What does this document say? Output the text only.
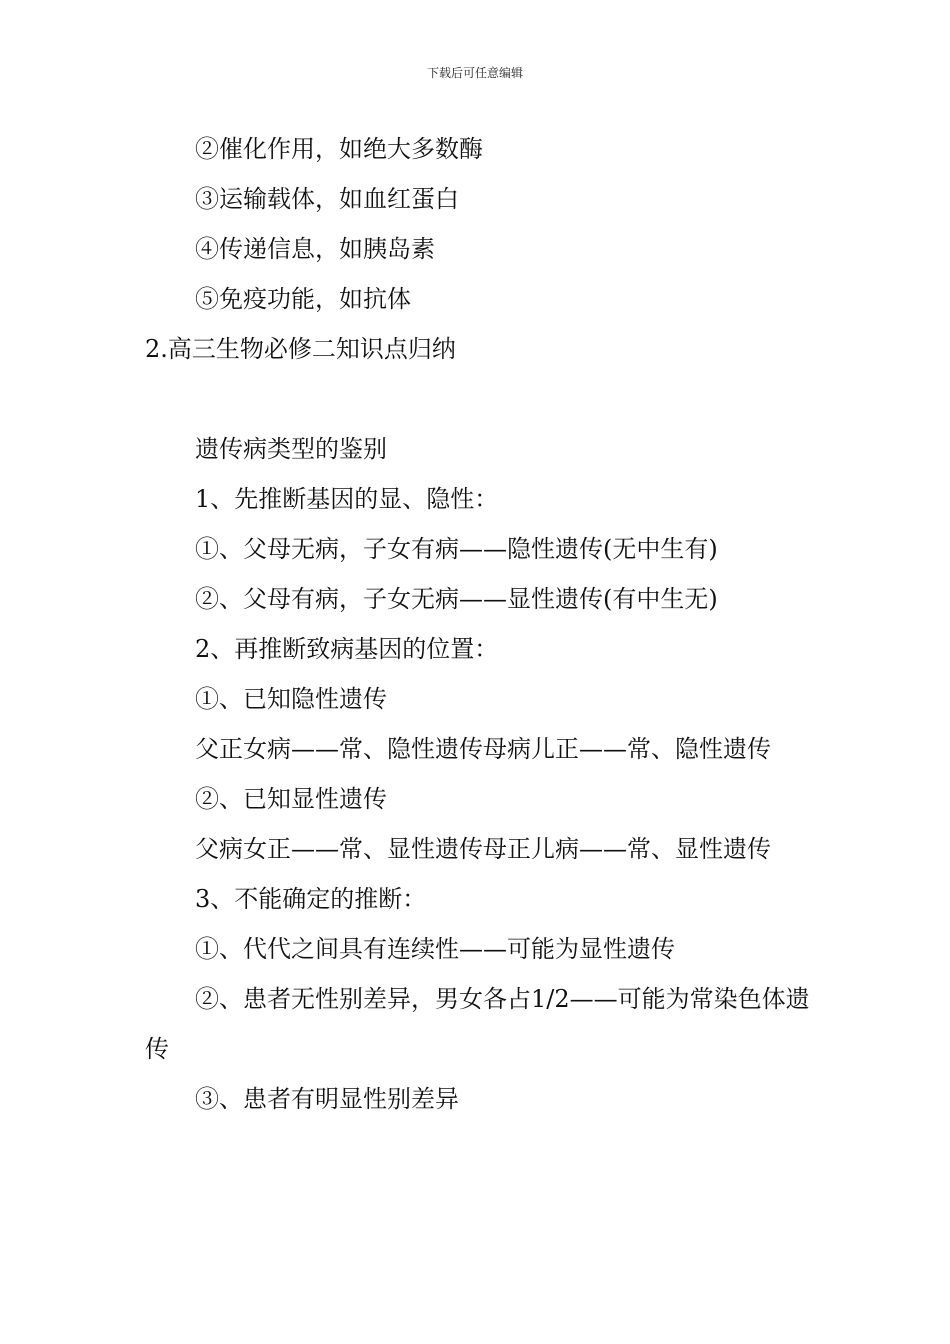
下载后可任意编辑

②催化作用，如绝大多数酶

③运输载体，如血红蛋白

④传递信息，如胰岛素

⑤免疫功能，如抗体

2.高三生物必修二知识点归纳

遗传病类型的鉴别

1、先推断基因的显、隐性：

①、父母无病，子女有病——隐性遗传(无中生有)

②、父母有病，子女无病——显性遗传(有中生无)

2、再推断致病基因的位置：

①、已知隐性遗传

父正女病——常、隐性遗传母病儿正——常、隐性遗传

②、已知显性遗传

父病女正——常、显性遗传母正儿病——常、显性遗传

3、不能确定的推断：

①、代代之间具有连续性——可能为显性遗传

②、患者无性别差异，男女各占1/2——可能为常染色体遗传

③、患者有明显性别差异
